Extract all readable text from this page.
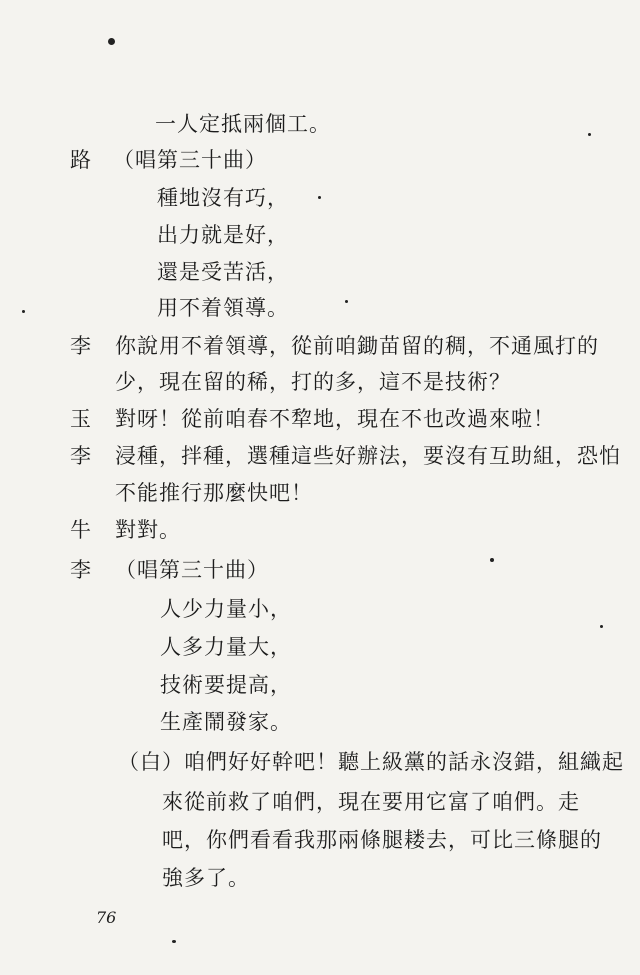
路
李
玉
李
牛
李
一人定抵兩個工。
（唱第三十曲）
種地沒有巧，
出力就是好，
還是受苦活，
用不着領導。
你說用不着領導，從前咱鋤苗留的稠，不通風打的
少，現在留的稀，打的多，這不是技術？
對呀！從前咱春不犂地，現在不也改過來啦！
浸種，拌種，選種這些好辦法，要沒有互助組，恐怕
不能推行那麼快吧！
對對。
（唱第三十曲）
人少力量小，
人多力量大，
技術要提高，
生產鬧發家。
（白）咱們好好幹吧！聽上級黨的話永沒錯，組織起
來從前救了咱們，現在要用它富了咱們。走
吧，你們看看我那兩條腿耧去，可比三條腿的
強多了。
76
